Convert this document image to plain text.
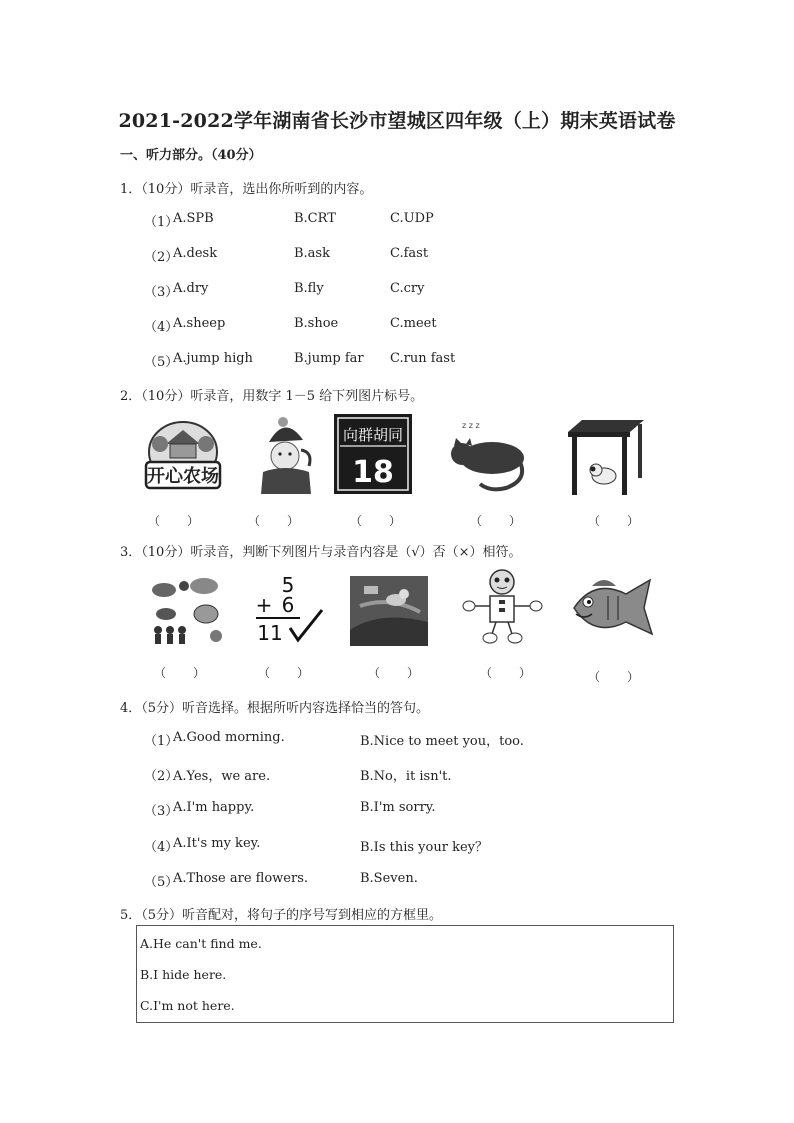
2021-2022学年湖南省长沙市望城区四年级（上）期末英语试卷
一、听力部分。（40分）
1．（10分）听录音，选出你所听到的内容。
（1）
A.SPB	B.CRT	C.UDP
（2）
A.desk	B.ask	C.fast
（3）
A.dry	B.fly	C.cry
（4）
A.sheep	B.shoe	C.meet
（5）
A.jump high	B.jump far C.run fast
2．（10分）听录音，用数字 1－5 给下列图片标号。
开心农场
向群胡同
18
z z z
（　　）	（　　）	（　　）	（　　）	（　　）
3．（10分）听录音，判断下列图片与录音内容是（√）否（×）相符。
5
+ 6
11
（　　）	（　　）	（　　）	（　　）	（　　）
4．（5分）听音选择。根据所听内容选择恰当的答句。
（1）
A.Good morning.	B.Nice to meet you，too.
（2）
A.Yes，we are.	B.No，it isn't.
（3）
A.I'm happy.	B.I'm sorry.
（4）
A.It's my key.	B.Is this your key？
（5）
A.Those are flowers.	B.Seven.
5．（5分）听音配对，将句子的序号写到相应的方框里。
A.He can't find me.
B.I hide here.
C.I'm not here.
